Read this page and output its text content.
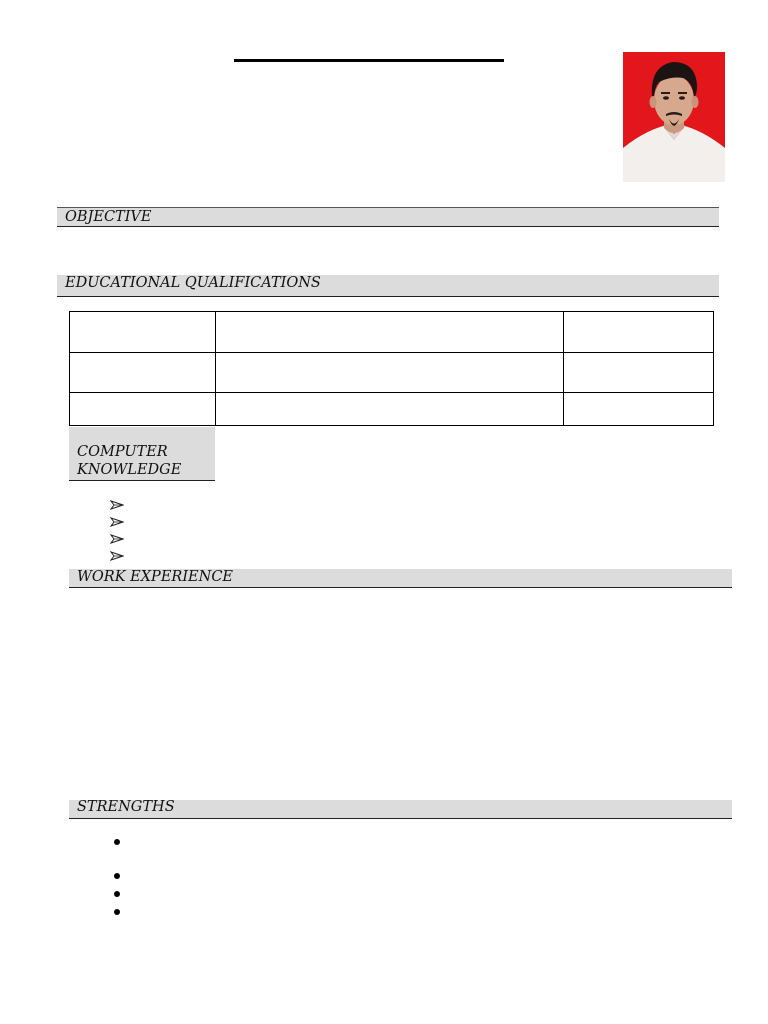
OBJECTIVE
EDUCATIONAL QUALIFICATIONS

COMPUTER
KNOWLEDGE
WORK EXPERIENCE
STRENGTHS
